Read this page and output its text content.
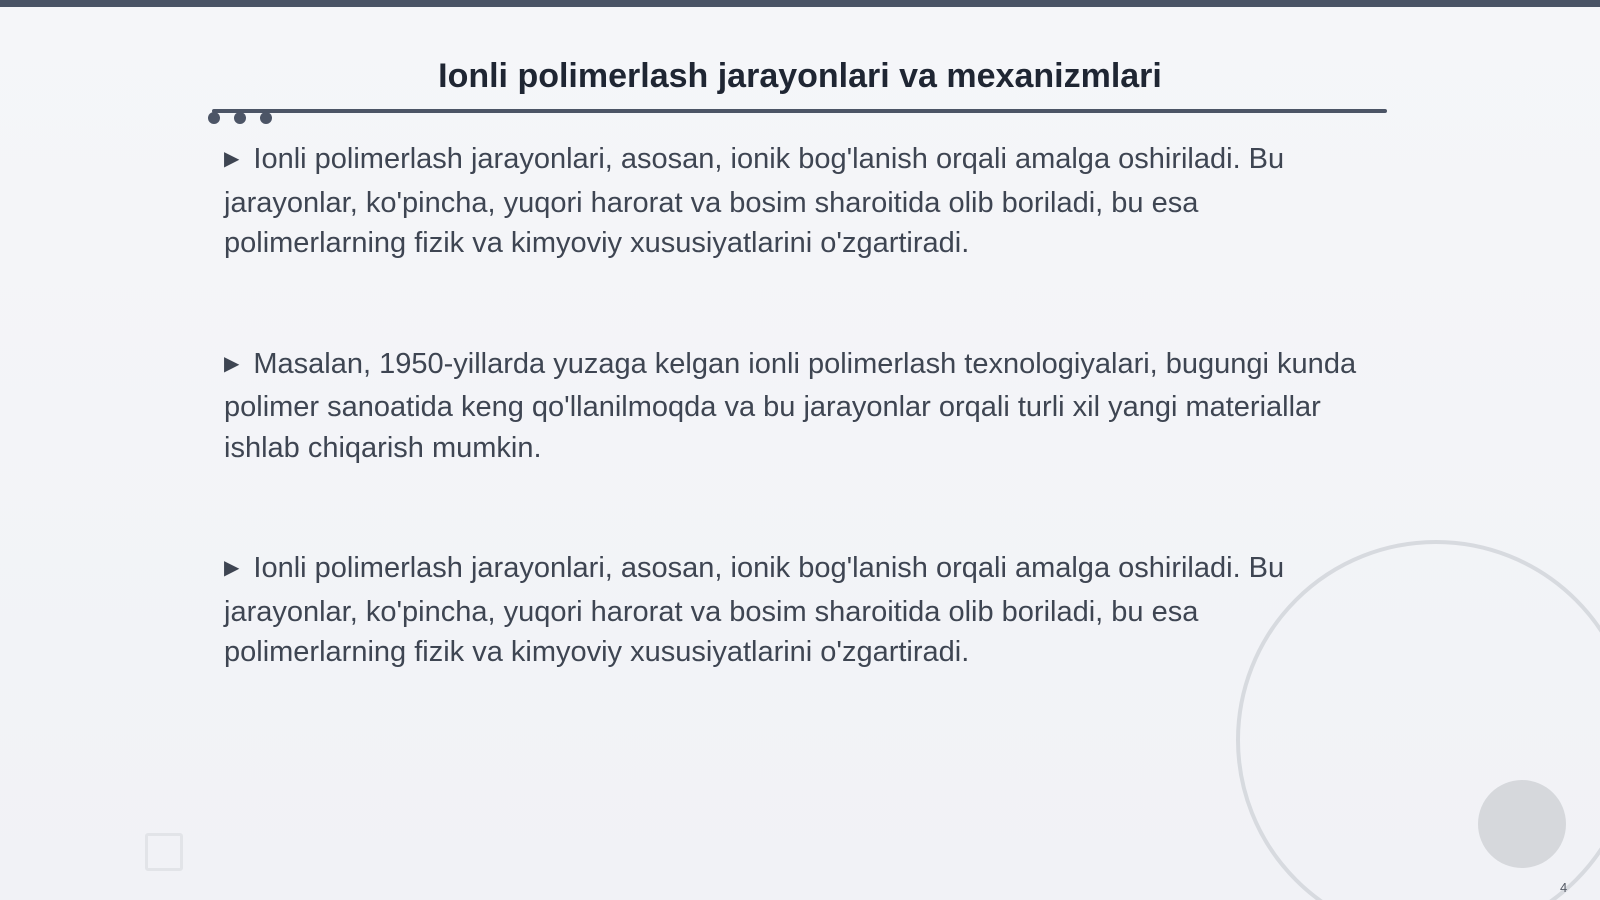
Ionli polimerlash jarayonlari va mexanizmlari

▶ Ionli polimerlash jarayonlari, asosan, ionik bog'lanish orqali amalga oshiriladi. Bu jarayonlar, ko'pincha, yuqori harorat va bosim sharoitida olib boriladi, bu esa polimerlarning fizik va kimyoviy xususiyatlarini o'zgartiradi.

▶ Masalan, 1950-yillarda yuzaga kelgan ionli polimerlash texnologiyalari, bugungi kunda polimer sanoatida keng qo'llanilmoqda va bu jarayonlar orqali turli xil yangi materiallar ishlab chiqarish mumkin.

▶ Ionli polimerlash jarayonlari, asosan, ionik bog'lanish orqali amalga oshiriladi. Bu jarayonlar, ko'pincha, yuqori harorat va bosim sharoitida olib boriladi, bu esa polimerlarning fizik va kimyoviy xususiyatlarini o'zgartiradi.

4
